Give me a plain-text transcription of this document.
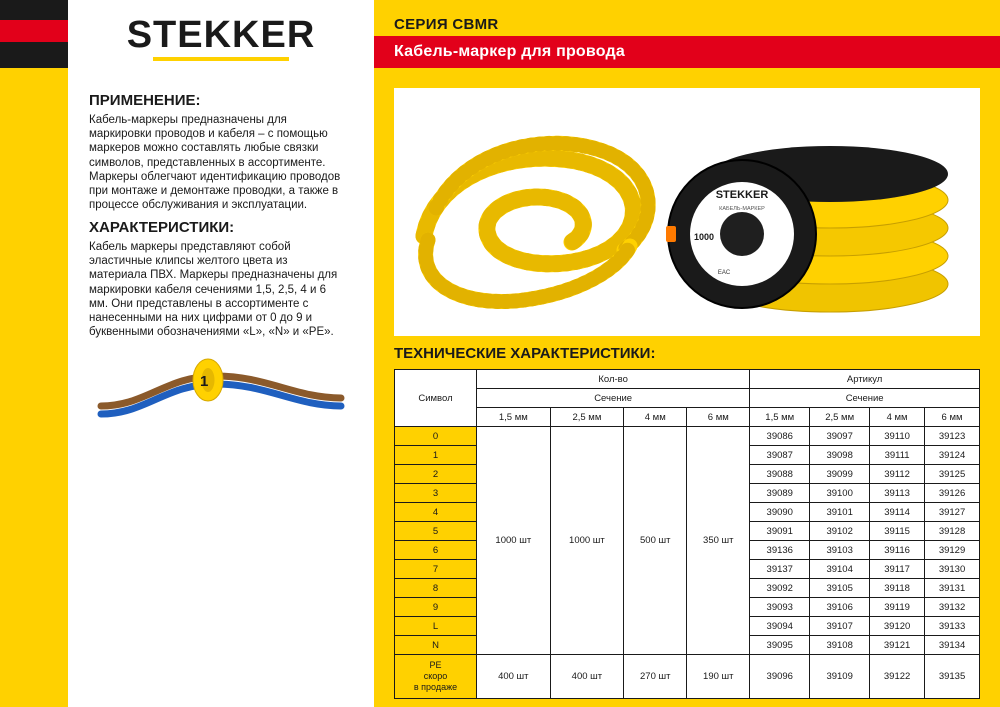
STEKKER	СЕРИЯ CBMR
Кабель-маркер для провода

ПРИМЕНЕНИЕ:

Кабель-маркеры предназначены для маркировки проводов и кабеля – с помощью маркеров можно составлять любые связки символов, представленных в ассортименте. Маркеры облегчают идентификацию проводов при монтаже и демонтаже проводки, а также в процессе обслуживания и эксплуатации.

ХАРАКТЕРИСТИКИ:

Кабель маркеры представляют собой эластичные клипсы желтого цвета из материала ПВХ. Маркеры предназначены для маркировки кабеля сечениями 1,5, 2,5, 4 и 6 мм. Они представлены в ассортименте с нанесенными на них цифрами от 0 до 9 и буквенными обозначениями «L», «N» и «PE».

1
STEKKER
КАБЕЛЬ-МАРКЕР
1000
EAC
ТЕХНИЧЕСКИЕ ХАРАКТЕРИСТИКИ:
Символ	Кол-во				Артикул			
	Сечение				Сечение			
	1,5 мм	2,5 мм	4 мм	6 мм	1,5 мм	2,5 мм	4 мм	6 мм
0	1000 шт	1000 шт	500 шт	350 шт	39086	39097	39110	39123
1					39087	39098	39111	39124
2					39088	39099	39112	39125
3					39089	39100	39113	39126
4					39090	39101	39114	39127
5					39091	39102	39115	39128
6					39136	39103	39116	39129
7					39137	39104	39117	39130
8					39092	39105	39118	39131
9					39093	39106	39119	39132
L					39094	39107	39120	39133
N					39095	39108	39121	39134

PE
скоро
в продаже	400 шт	400 шт	270 шт	190 шт	39096	39109	39122	39135
